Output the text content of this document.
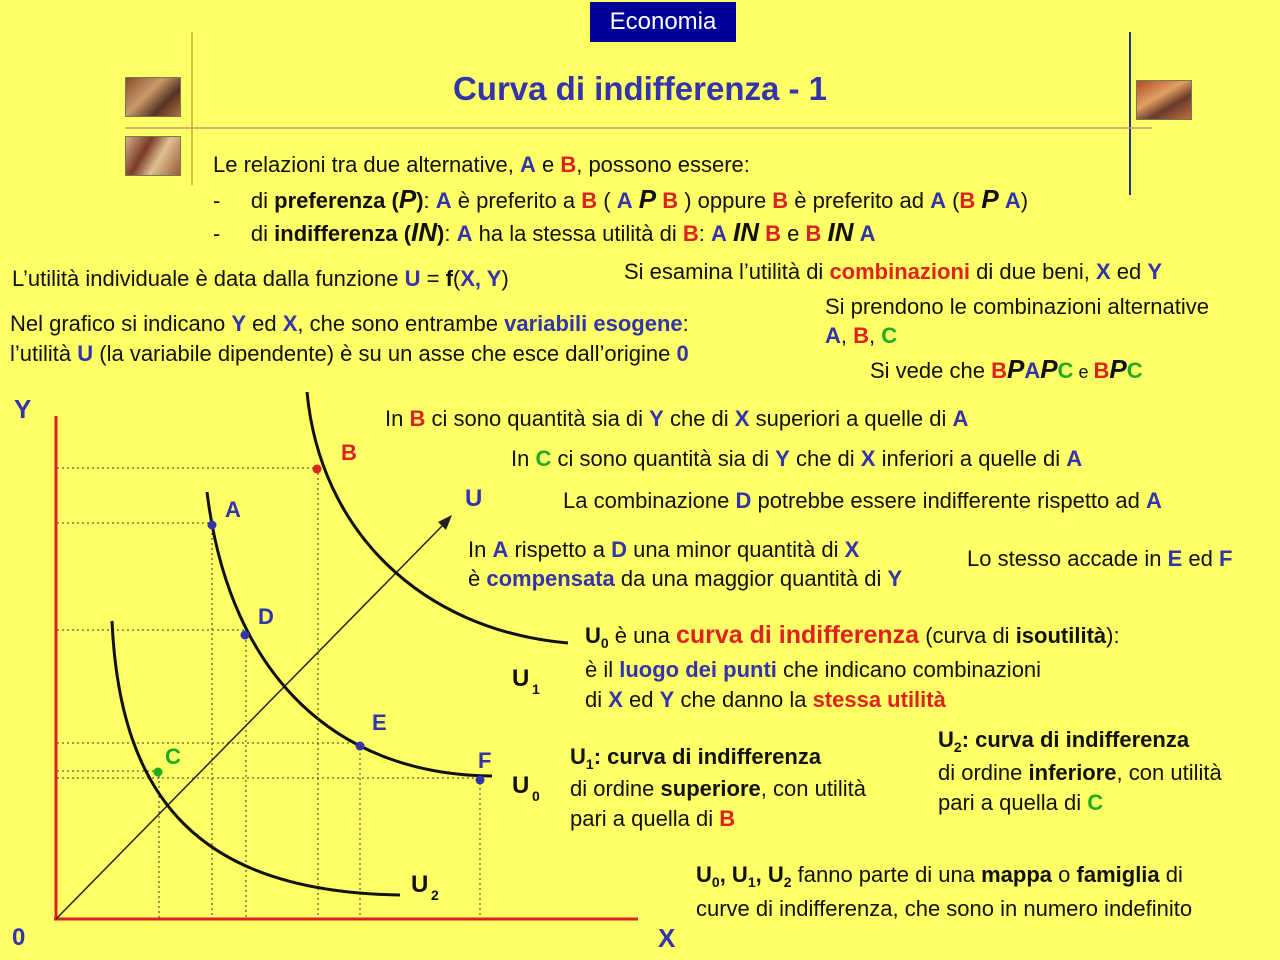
Economia
Curva di indifferenza - 1
Le relazioni tra due alternative, A e B, possono essere:
-     di preferenza (P): A è preferito a B ( A P B ) oppure B è preferito ad A (B P A)
-     di indifferenza (IN): A ha la stessa utilità di B: A IN B e B IN A
L’utilità individuale è data dalla funzione U = f(X, Y)	Si esamina l’utilità di combinazioni di due beni, X ed Y
Si prendono le combinazioni alternative
A, B, C
Nel grafico si indicano Y ed X, che sono entrambe variabili esogene:
l’utilità U (la variabile dipendente) è su un asse che esce dall’origine 0
Si vede che BPAPC e BPC
In B ci sono quantità sia di Y che di X superiori a quelle di A
In C ci sono quantità sia di Y che di X inferiori a quelle di A
La combinazione D potrebbe essere indifferente rispetto ad A
In A rispetto a D una minor quantità di X
è compensata da una maggior quantità di Y
Lo stesso accade in E ed F
$U_0$ è una curva di indifferenza (curva di isoutilità):
è il luogo dei punti che indicano combinazioni
di X ed Y che danno la stessa utilità
$U_1$: curva di indifferenza
di ordine superiore, con utilità
pari a quella di B
$U_2$: curva di indifferenza
di ordine inferiore, con utilità
pari a quella di C
$U_0$, $U_1$, $U_2$ fanno parte di una mappa o famiglia di
curve di indifferenza, che sono in numero indefinito
B
A
D
E
C	F
Y
X
0
U
U 1
U 0
U 2
